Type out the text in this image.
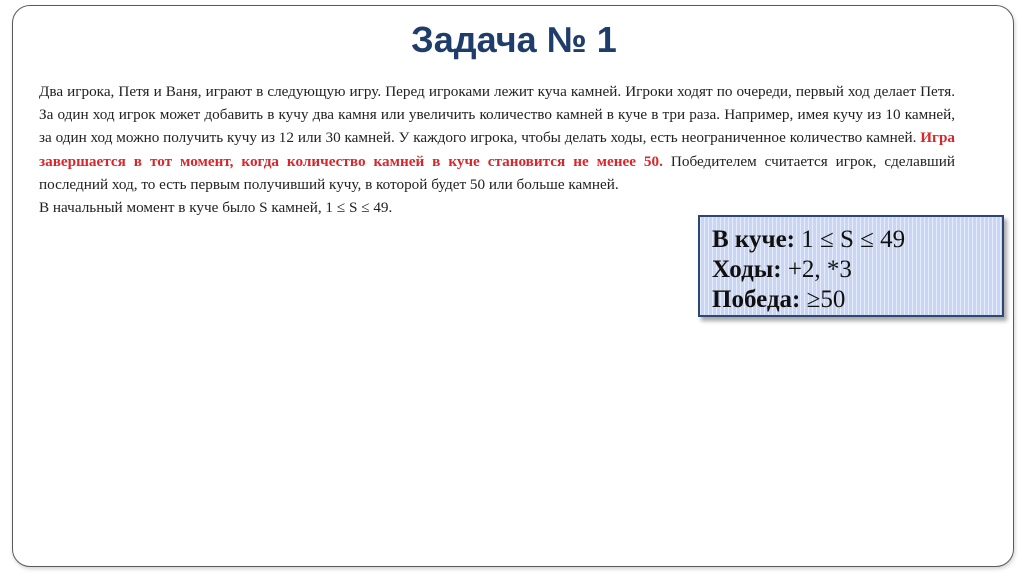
Задача № 1

Два игрока, Петя и Ваня, играют в следующую игру. Перед игроками лежит куча камней. Игроки ходят по очереди, первый ход делает Петя. За один ход игрок может добавить в кучу два камня или увеличить количество камней в куче в три раза. Например, имея кучу из 10 камней, за один ход можно получить кучу из 12 или 30 камней. У каждого игрока, чтобы делать ходы, есть неограниченное количество камней. Игра завершается в тот момент, когда количество камней в куче становится не менее 50. Победителем считается игрок, сделавший последний ход, то есть первым получивший кучу, в которой будет 50 или больше камней.

В начальный момент в куче было S камней, 1 ≤ S ≤ 49.

В куче: 1 ≤ S ≤ 49
Ходы: +2, *3
Победа: ≥50
